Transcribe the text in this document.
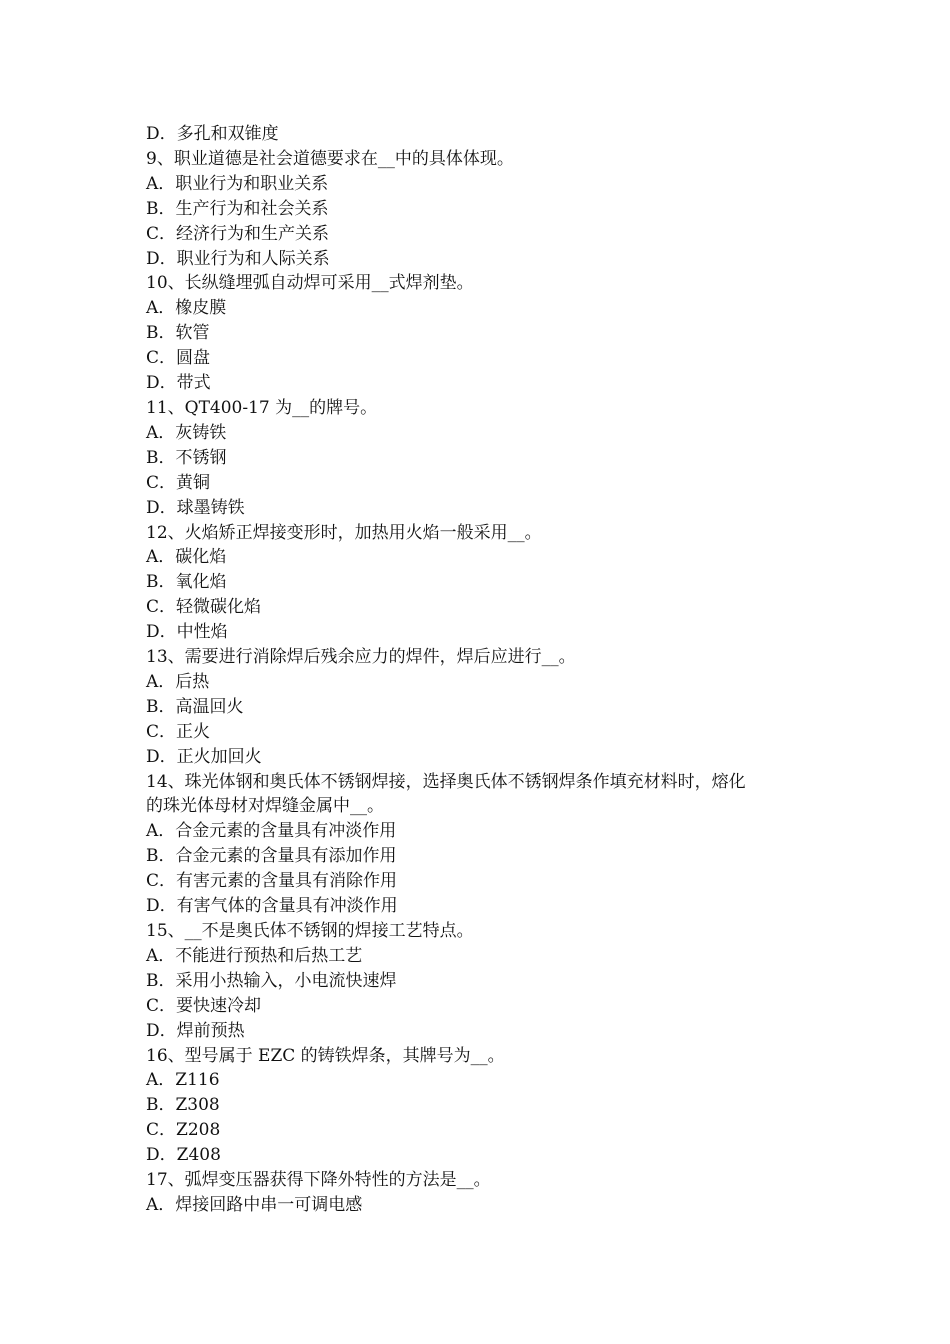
D．多孔和双锥度
9、职业道德是社会道德要求在__中的具体体现。
A．职业行为和职业关系
B．生产行为和社会关系
C．经济行为和生产关系
D．职业行为和人际关系
10、长纵缝埋弧自动焊可采用__式焊剂垫。
A．橡皮膜
B．软管
C．圆盘
D．带式
11、QT400-17 为__的牌号。
A．灰铸铁
B．不锈钢
C．黄铜
D．球墨铸铁
12、火焰矫正焊接变形时，加热用火焰一般采用__。
A．碳化焰
B．氧化焰
C．轻微碳化焰
D．中性焰
13、需要进行消除焊后残余应力的焊件，焊后应进行__。
A．后热
B．高温回火
C．正火
D．正火加回火
14、珠光体钢和奥氏体不锈钢焊接，选择奥氏体不锈钢焊条作填充材料时，熔化
的珠光体母材对焊缝金属中__。
A．合金元素的含量具有冲淡作用
B．合金元素的含量具有添加作用
C．有害元素的含量具有消除作用
D．有害气体的含量具有冲淡作用
15、__不是奥氏体不锈钢的焊接工艺特点。
A．不能进行预热和后热工艺
B．采用小热输入，小电流快速焊
C．要快速冷却
D．焊前预热
16、型号属于 EZC 的铸铁焊条，其牌号为__。
A．Z116
B．Z308
C．Z208
D．Z408
17、弧焊变压器获得下降外特性的方法是__。
A．焊接回路中串一可调电感
